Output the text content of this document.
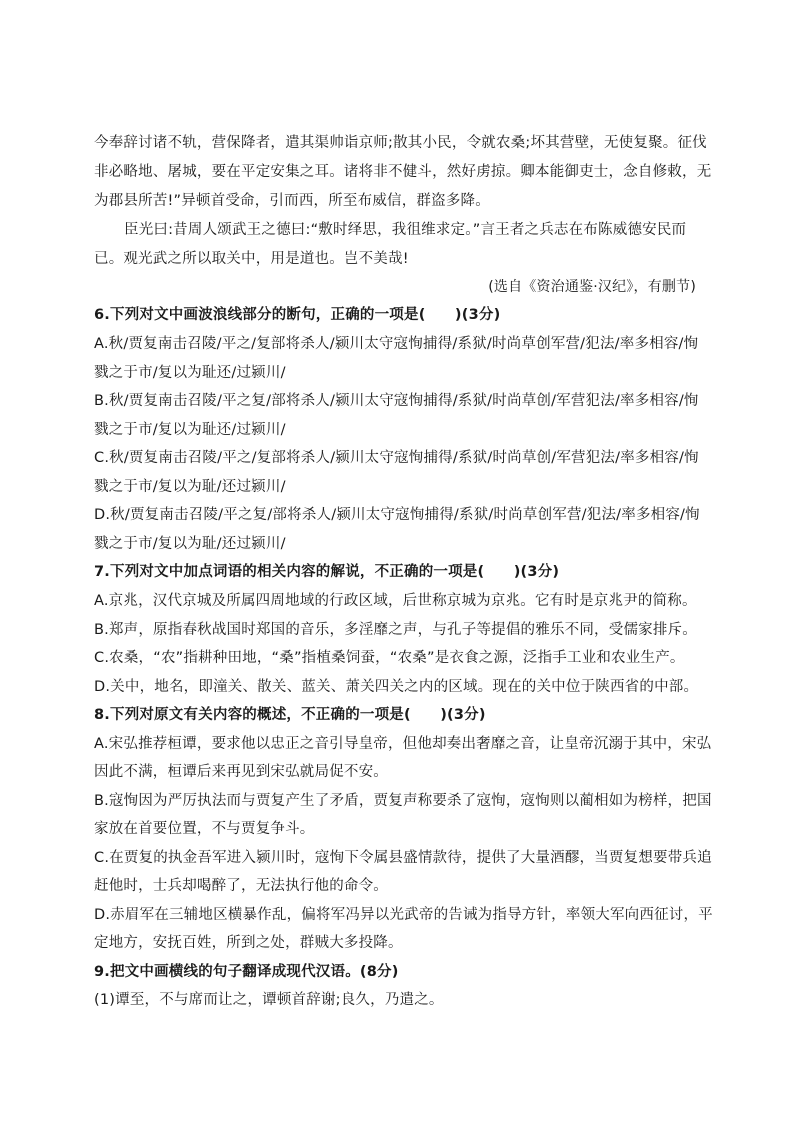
今奉辞讨诸不轨，营保降者，遣其渠帅诣京师;散其小民，令就农桑;坏其营壁，无使复聚。征伐
非必略地、屠城，要在平定安集之耳。诸将非不健斗，然好虏掠。卿本能御吏士，念自修敕，无
为郡县所苦!”异顿首受命，引而西，所至布威信，群盗多降。
臣光曰:昔周人颂武王之德曰:“敷时绎思，我徂维求定。”言王者之兵志在布陈威德安民而
已。观光武之所以取关中，用是道也。岂不美哉!
(选自《资治通鉴·汉纪》，有删节)
6.下列对文中画波浪线部分的断句，正确的一项是(　　)(3分)
A.秋/贾复南击召陵/平之/复部将杀人/颍川太守寇恂捕得/系狱/时尚草创军营/犯法/率多相容/恂
戮之于市/复以为耻还/过颍川/
B.秋/贾复南击召陵/平之复/部将杀人/颍川太守寇恂捕得/系狱/时尚草创/军营犯法/率多相容/恂
戮之于市/复以为耻还/过颍川/
C.秋/贾复南击召陵/平之/复部将杀人/颍川太守寇恂捕得/系狱/时尚草创/军营犯法/率多相容/恂
戮之于市/复以为耻/还过颍川/
D.秋/贾复南击召陵/平之复/部将杀人/颍川太守寇恂捕得/系狱/时尚草创军营/犯法/率多相容/恂
戮之于市/复以为耻/还过颍川/
7.下列对文中加点词语的相关内容的解说，不正确的一项是(　　)(3分)
A.京兆，汉代京城及所属四周地域的行政区域，后世称京城为京兆。它有时是京兆尹的简称。
B.郑声，原指春秋战国时郑国的音乐，多淫靡之声，与孔子等提倡的雅乐不同，受儒家排斥。
C.农桑，“农”指耕种田地，“桑”指植桑饲蚕，“农桑”是衣食之源，泛指手工业和农业生产。
D.关中，地名，即潼关、散关、蓝关、萧关四关之内的区域。现在的关中位于陕西省的中部。
8.下列对原文有关内容的概述，不正确的一项是(　　)(3分)
A.宋弘推荐桓谭，要求他以忠正之音引导皇帝，但他却奏出奢靡之音，让皇帝沉溺于其中，宋弘
因此不满，桓谭后来再见到宋弘就局促不安。
B.寇恂因为严厉执法而与贾复产生了矛盾，贾复声称要杀了寇恂，寇恂则以蔺相如为榜样，把国
家放在首要位置，不与贾复争斗。
C.在贾复的执金吾军进入颍川时，寇恂下令属县盛情款待，提供了大量酒醪，当贾复想要带兵追
赶他时，士兵却喝醉了，无法执行他的命令。
D.赤眉军在三辅地区横暴作乱，偏将军冯异以光武帝的告诫为指导方针，率领大军向西征讨，平
定地方，安抚百姓，所到之处，群贼大多投降。
9.把文中画横线的句子翻译成现代汉语。(8分)
(1)谭至，不与席而让之，谭顿首辞谢;良久，乃遣之。
